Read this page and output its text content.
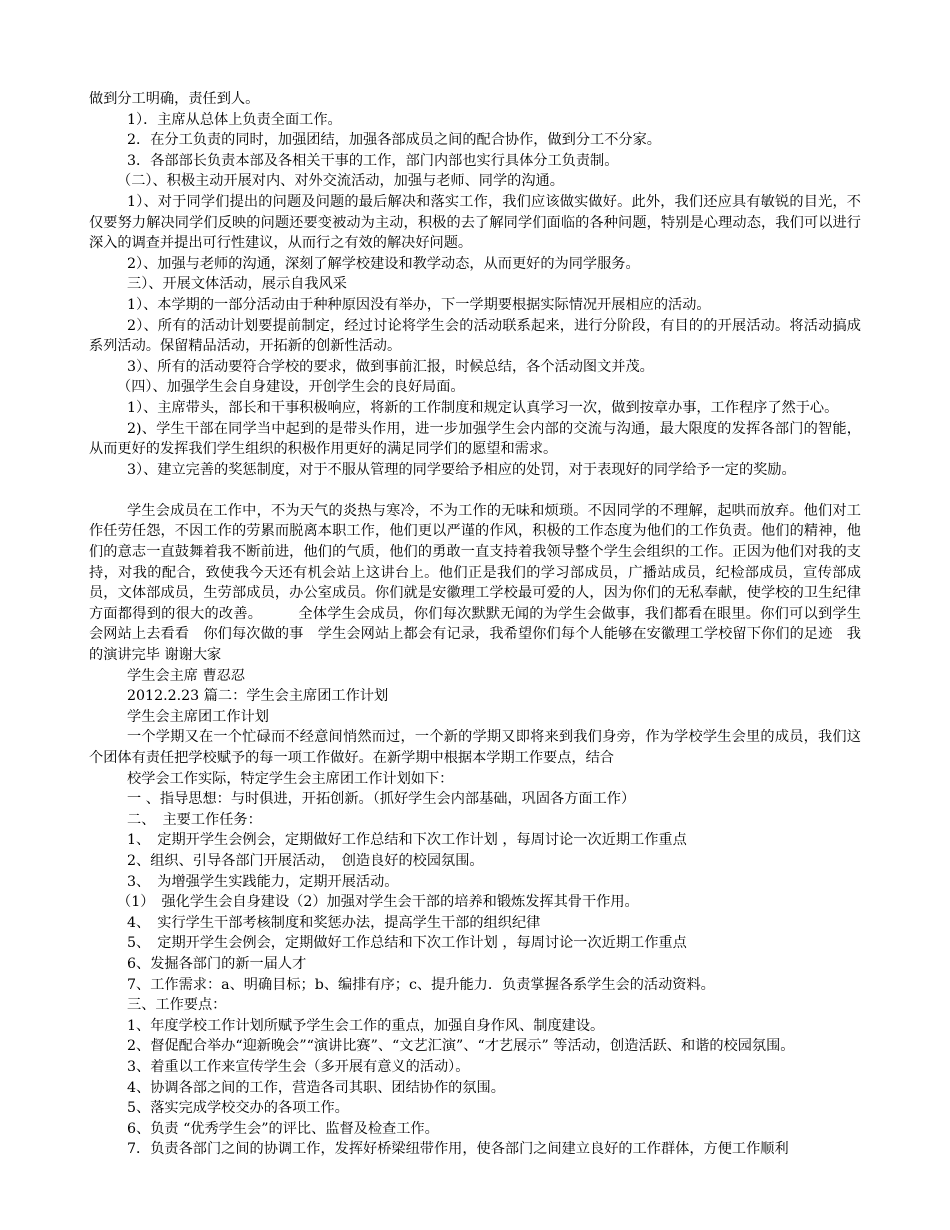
做到分工明确，责任到人。

1）．主席从总体上负责全面工作。

2．在分工负责的同时，加强团结，加强各部成员之间的配合协作，做到分工不分家。

3．各部部长负责本部及各相关干事的工作，部门内部也实行具体分工负责制。

（二）、积极主动开展对内、对外交流活动，加强与老师、同学的沟通。

1）、对于同学们提出的问题及问题的最后解决和落实工作，我们应该做实做好。此外，我们还应具有敏锐的目光，不仅要努力解决同学们反映的问题还要变被动为主动，积极的去了解同学们面临的各种问题，特别是心理动态，我们可以进行深入的调查并提出可行性建议，从而行之有效的解决好问题。

2）、加强与老师的沟通，深刻了解学校建设和教学动态，从而更好的为同学服务。

三）、开展文体活动，展示自我风采

1）、本学期的一部分活动由于种种原因没有举办，下一学期要根据实际情况开展相应的活动。

2）、所有的活动计划要提前制定，经过讨论将学生会的活动联系起来，进行分阶段，有目的的开展活动。将活动搞成系列活动。保留精品活动，开拓新的创新性活动。

3）、所有的活动要符合学校的要求，做到事前汇报，时候总结，各个活动图文并茂。

（四）、加强学生会自身建设，开创学生会的良好局面。

1）、主席带头，部长和干事积极响应，将新的工作制度和规定认真学习一次，做到按章办事，工作程序了然于心。

2)、学生干部在同学当中起到的是带头作用，进一步加强学生会内部的交流与沟通，最大限度的发挥各部门的智能，从而更好的发挥我们学生组织的积极作用更好的满足同学们的愿望和需求。

3）、建立完善的奖惩制度，对于不服从管理的同学要给予相应的处罚，对于表现好的同学给予一定的奖励。

学生会成员在工作中，不为天气的炎热与寒冷，不为工作的无味和烦琐。不因同学的不理解，起哄而放弃。他们对工作任劳任怨，不因工作的劳累而脱离本职工作，他们更以严谨的作风，积极的工作态度为他们的工作负责。他们的精神，他们的意志一直鼓舞着我不断前进，他们的气质，他们的勇敢一直支持着我领导整个学生会组织的工作。正因为他们对我的支持，对我的配合，致使我今天还有机会站上这讲台上。他们正是我们的学习部成员，广播站成员，纪检部成员，宣传部成员，文体部成员，生劳部成员，办公室成员。你们就是安徽理工学校最可爱的人，因为你们的无私奉献，使学校的卫生纪律方面都得到的很大的改善。　　　全体学生会成员，你们每次默默无闻的为学生会做事，我们都看在眼里。你们可以到学生会网站上去看看　你们每次做的事　学生会网站上都会有记录，我希望你们每个人能够在安徽理工学校留下你们的足迹　我的演讲完毕 谢谢大家

学生会主席 曹忍忍

2012.2.23 篇二：学生会主席团工作计划

学生会主席团工作计划

一个学期又在一个忙碌而不经意间悄然而过，一个新的学期又即将来到我们身旁，作为学校学生会里的成员，我们这个团体有责任把学校赋予的每一项工作做好。在新学期中根据本学期工作要点，结合

校学会工作实际，特定学生会主席团工作计划如下：

一 、指导思想：与时俱进，开拓创新。（抓好学生会内部基础，巩固各方面工作）

二、　主要工作任务：

1、　定期开学生会例会，定期做好工作总结和下次工作计划 ，每周讨论一次近期工作重点

2、组织、引导各部门开展活动，　创造良好的校园氛围。

3、　为增强学生实践能力，定期开展活动。

（1）　强化学生会自身建设（2）加强对学生会干部的培养和锻炼发挥其骨干作用。

4、　实行学生干部考核制度和奖惩办法，提高学生干部的组织纪律

5、　定期开学生会例会，定期做好工作总结和下次工作计划 ，每周讨论一次近期工作重点

6、发掘各部门的新一届人才

7、工作需求：a、明确目标；b、编排有序；c、提升能力．负责掌握各系学生会的活动资料。

三、工作要点：

1、年度学校工作计划所赋予学生会工作的重点，加强自身作风、制度建设。

2、督促配合举办“迎新晚会”“演讲比赛”、“文艺汇演”、“才艺展示” 等活动，创造活跃、和谐的校园氛围。

3、着重以工作来宣传学生会（多开展有意义的活动）。

4、协调各部之间的工作，营造各司其职、团结协作的氛围。

5、落实完成学校交办的各项工作。

6、负责 “优秀学生会”的评比、监督及检查工作。

7．负责各部门之间的协调工作，发挥好桥梁纽带作用，使各部门之间建立良好的工作群体，方便工作顺利
